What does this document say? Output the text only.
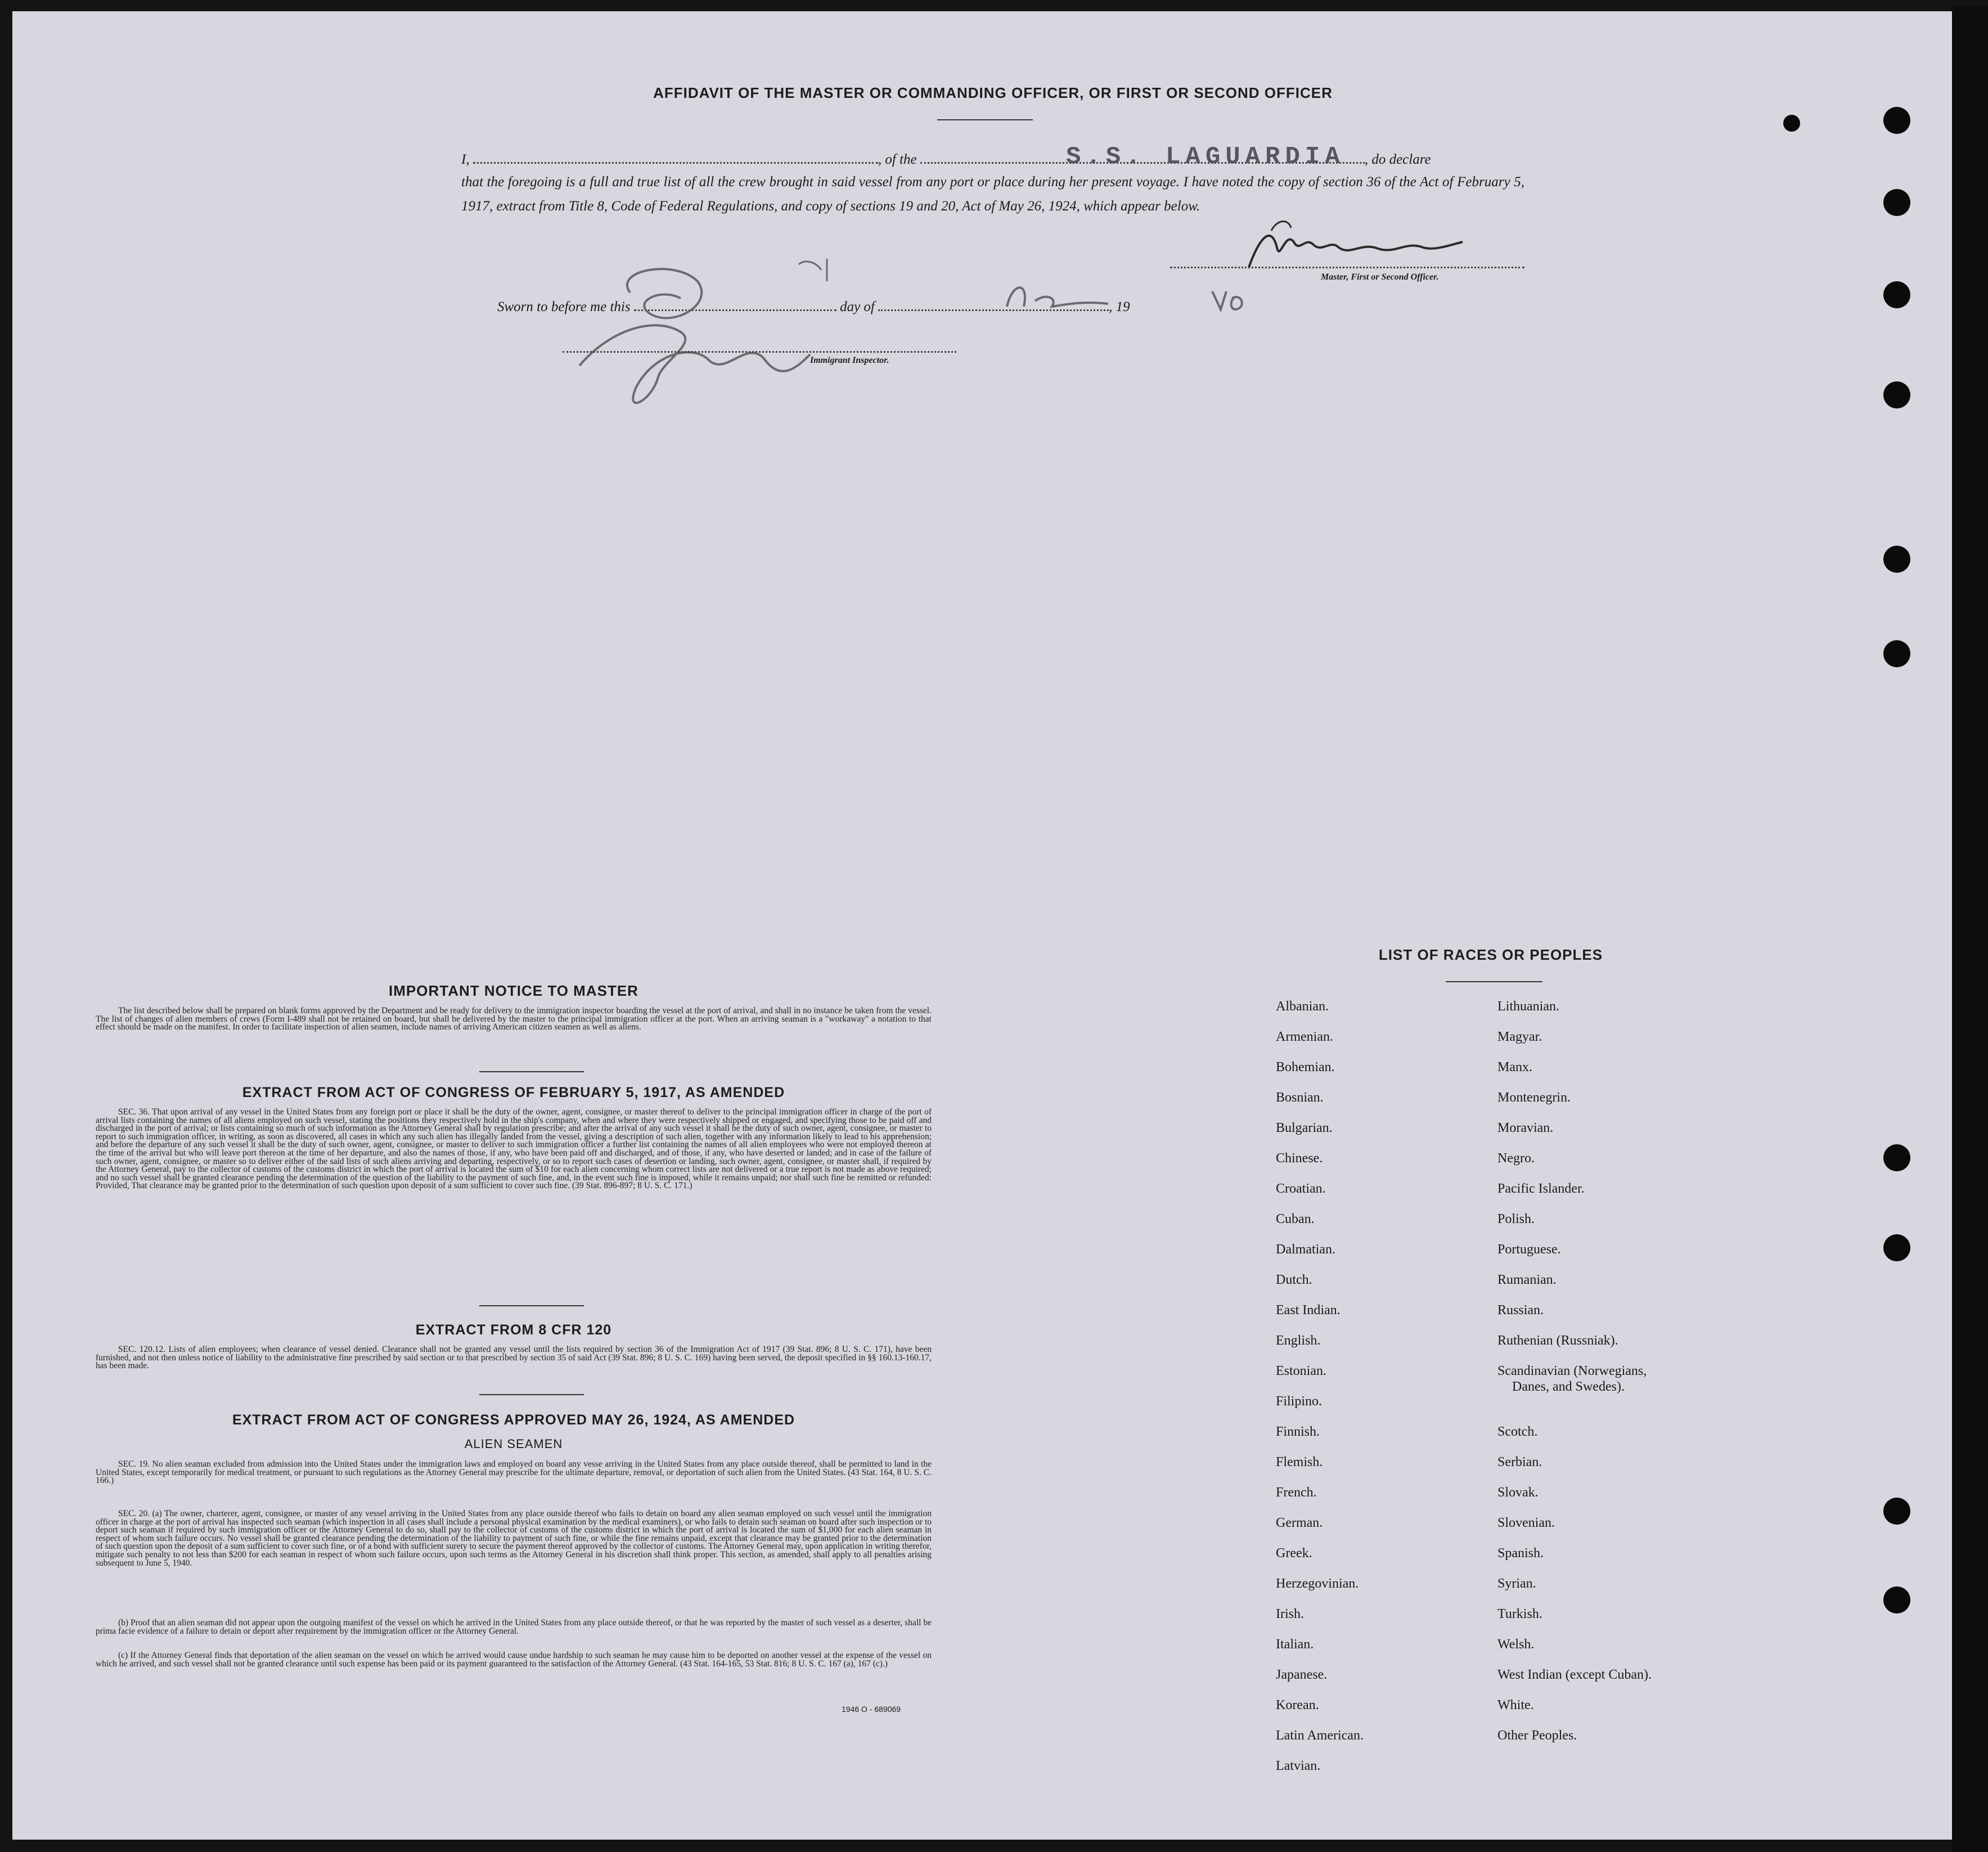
AFFIDAVIT OF THE MASTER OR COMMANDING OFFICER, OR FIRST OR SECOND OFFICER
I,	, of the	, do declare
S.S. LAGUARDIA
that the foregoing is a full and true list of all the crew brought in said vessel from any port or place during her present voyage. I have noted the copy of section 36 of the Act of February 5, 1917, extract from Title 8, Code of Federal Regulations, and copy of sections 19 and 20, Act of May 26, 1924, which appear below.
Master, First or Second Officer.
Sworn to before me this	day of	, 19
Immigrant Inspector.
IMPORTANT NOTICE TO MASTER
The list described below shall be prepared on blank forms approved by the Department and be ready for delivery to the immigration inspector boarding the vessel at the port of arrival, and shall in no instance be taken from the vessel. The list of changes of alien members of crews (Form I-489 shall not be retained on board, but shall be delivered by the master to the principal immigration officer at the port. When an arriving seaman is a "workaway" a notation to that effect should be made on the manifest. In order to facilitate inspection of alien seamen, include names of arriving American citizen seamen as well as aliens.
EXTRACT FROM ACT OF CONGRESS OF FEBRUARY 5, 1917, AS AMENDED
SEC. 36. That upon arrival of any vessel in the United States from any foreign port or place it shall be the duty of the owner, agent, consignee, or master thereof to deliver to the principal immigration officer in charge of the port of arrival lists containing the names of all aliens employed on such vessel, stating the positions they respectively hold in the ship's company, when and where they were respectively shipped or engaged, and specifying those to be paid off and discharged in the port of arrival; or lists containing so much of such information as the Attorney General shall by regulation prescribe; and after the arrival of any such vessel it shall be the duty of such owner, agent, consignee, or master to report to such immigration officer, in writing, as soon as discovered, all cases in which any such alien has illegally landed from the vessel, giving a description of such alien, together with any information likely to lead to his apprehension; and before the departure of any such vessel it shall be the duty of such owner, agent, consignee, or master to deliver to such immigration officer a further list containing the names of all alien employees who were not employed thereon at the time of the arrival but who will leave port thereon at the time of her departure, and also the names of those, if any, who have been paid off and discharged, and of those, if any, who have deserted or landed; and in case of the failure of such owner, agent, consignee, or master so to deliver either of the said lists of such aliens arriving and departing, respectively, or so to report such cases of desertion or landing, such owner, agent, consignee, or master shall, if required by the Attorney General, pay to the collector of customs of the customs district in which the port of arrival is located the sum of $10 for each alien concerning whom correct lists are not delivered or a true report is not made as above required; and no such vessel shall be granted clearance pending the determination of the question of the liability to the payment of such fine, and, in the event such fine is imposed, while it remains unpaid; nor shall such fine be remitted or refunded: Provided, That clearance may be granted prior to the determination of such question upon deposit of a sum sufficient to cover such fine. (39 Stat. 896-897; 8 U. S. C. 171.)
EXTRACT FROM 8 CFR 120
SEC. 120.12. Lists of alien employees; when clearance of vessel denied. Clearance shall not be granted any vessel until the lists required by section 36 of the Immigration Act of 1917 (39 Stat. 896; 8 U. S. C. 171), have been furnished, and not then unless notice of liability to the administrative fine prescribed by said section or to that prescribed by section 35 of said Act (39 Stat. 896; 8 U. S. C. 169) having been served, the deposit specified in §§ 160.13-160.17, has been made.
EXTRACT FROM ACT OF CONGRESS APPROVED MAY 26, 1924, AS AMENDED
ALIEN SEAMEN
SEC. 19. No alien seaman excluded from admission into the United States under the immigration laws and employed on board any vesse arriving in the United States from any place outside thereof, shall be permitted to land in the United States, except temporarily for medical treatment, or pursuant to such regulations as the Attorney General may prescribe for the ultimate departure, removal, or deportation of such alien from the United States. (43 Stat. 164, 8 U. S. C. 166.)
SEC. 20. (a) The owner, charterer, agent, consignee, or master of any vessel arriving in the United States from any place outside thereof who fails to detain on board any alien seaman employed on such vessel until the immigration officer in charge at the port of arrival has inspected such seaman (which inspection in all cases shall include a personal physical examination by the medical examiners), or who fails to detain such seaman on board after such inspection or to deport such seaman if required by such immigration officer or the Attorney General to do so, shall pay to the collector of customs of the customs district in which the port of arrival is located the sum of $1,000 for each alien seaman in respect of whom such failure occurs. No vessel shall be granted clearance pending the determination of the liability to payment of such fine, or while the fine remains unpaid, except that clearance may be granted prior to the determination of such question upon the deposit of a sum sufficient to cover such fine, or of a bond with sufficient surety to secure the payment thereof approved by the collector of customs. The Attorney General may, upon application in writing therefor, mitigate such penalty to not less than $200 for each seaman in respect of whom such failure occurs, upon such terms as the Attorney General in his discretion shall think proper. This section, as amended, shall apply to all penalties arising subsequent to June 5, 1940.
(b) Proof that an alien seaman did not appear upon the outgoing manifest of the vessel on which he arrived in the United States from any place outside thereof, or that he was reported by the master of such vessel as a deserter, shall be prima facie evidence of a failure to detain or deport after requirement by the immigration officer or the Attorney General.
(c) If the Attorney General finds that deportation of the alien seaman on the vessel on which he arrived would cause undue hardship to such seaman he may cause him to be deported on another vessel at the expense of the vessel on which he arrived, and such vessel shall not be granted clearance until such expense has been paid or its payment guaranteed to the satisfaction of the Attorney General. (43 Stat. 164-165, 53 Stat. 816; 8 U. S. C. 167 (a), 167 (c).)
1946 O - 689069
LIST OF RACES OR PEOPLES
Albanian.
Armenian.
Bohemian.
Bosnian.
Bulgarian.
Chinese.
Croatian.
Cuban.
Dalmatian.
Dutch.
East Indian.
English.
Estonian.
Filipino.
Finnish.
Flemish.
French.
German.
Greek.
Herzegovinian.
Irish.
Italian.
Japanese.
Korean.
Latin American.
Latvian.
Lithuanian.
Magyar.
Manx.
Montenegrin.
Moravian.
Negro.
Pacific Islander.
Polish.
Portuguese.
Rumanian.
Russian.
Ruthenian (Russniak).
Scandinavian (Norwegians,
Danes, and Swedes).
Scotch.
Serbian.
Slovak.
Slovenian.
Spanish.
Syrian.
Turkish.
Welsh.
West Indian (except Cuban).
White.
Other Peoples.
